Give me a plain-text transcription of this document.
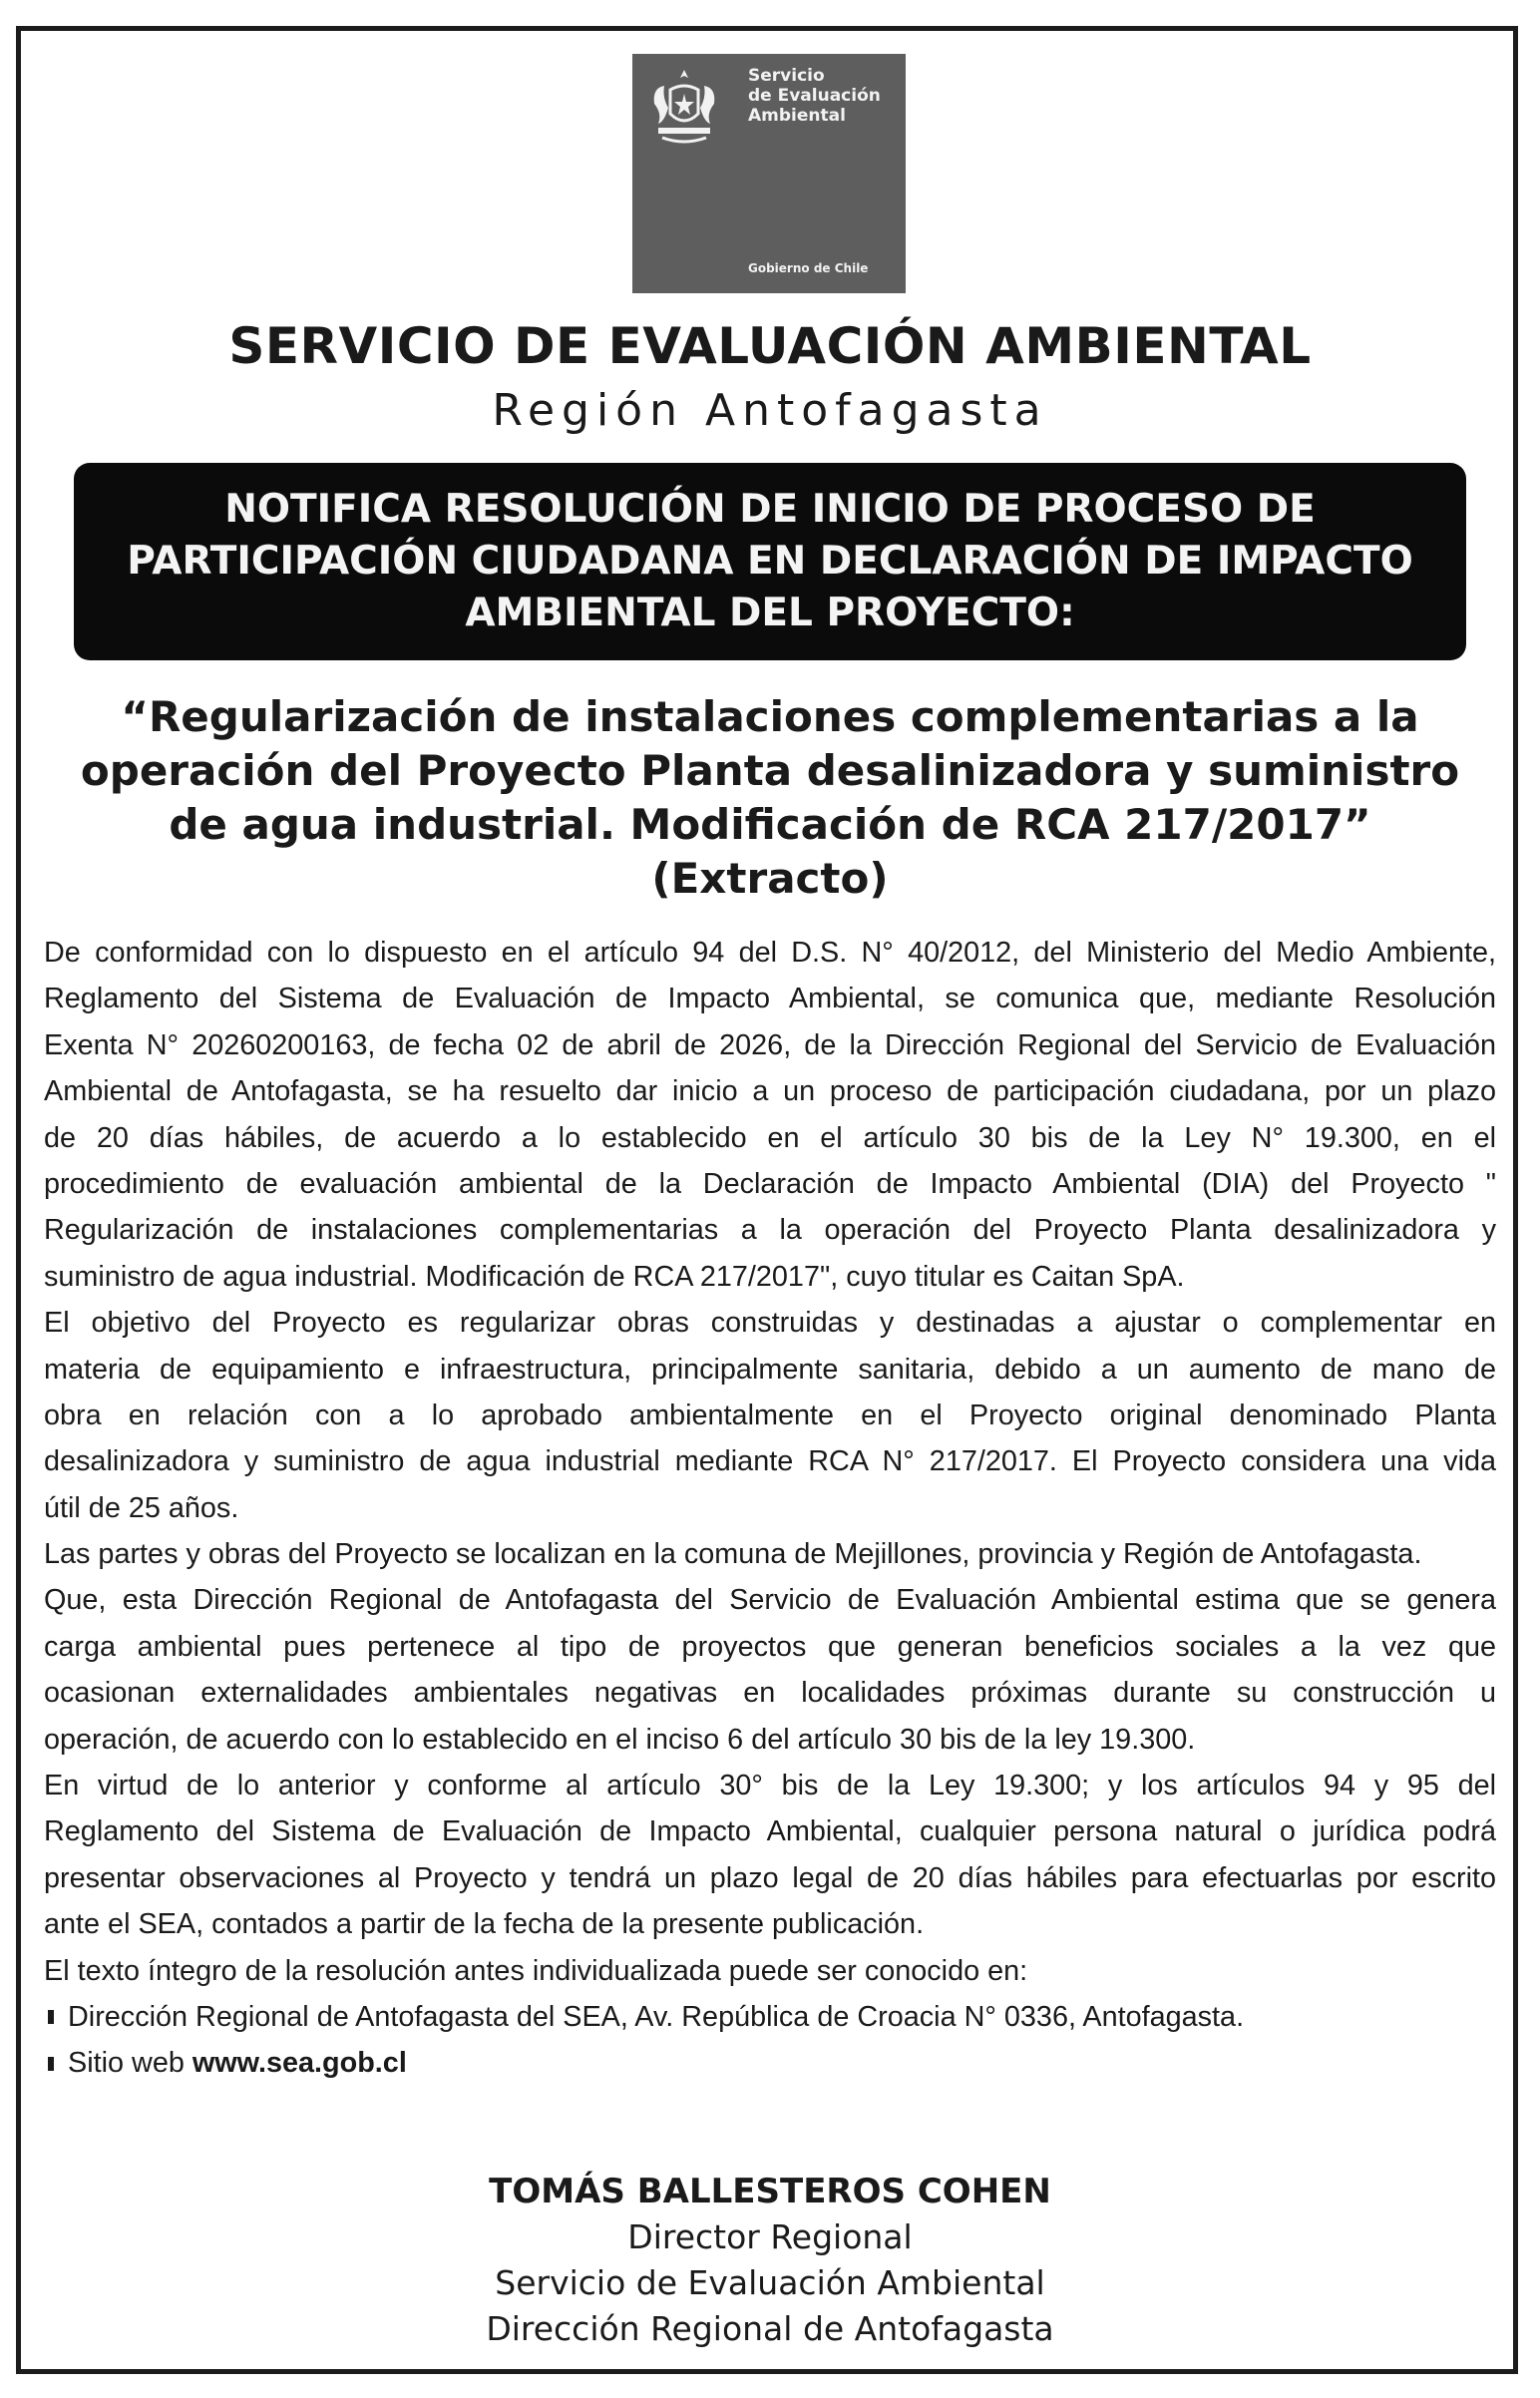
Servicio
de Evaluación
Ambiental
Gobierno de Chile
SERVICIO DE EVALUACIÓN AMBIENTAL
Región Antofagasta
NOTIFICA RESOLUCIÓN DE INICIO DE PROCESO DE
PARTICIPACIÓN CIUDADANA EN DECLARACIÓN DE IMPACTO
AMBIENTAL DEL PROYECTO:
“Regularización de instalaciones complementarias a la
operación del Proyecto Planta desalinizadora y suministro
de agua industrial. Modificación de RCA 217/2017”
(Extracto)
De conformidad con lo dispuesto en el artículo 94 del D.S. N° 40/2012, del Ministerio del Medio Ambiente,
Reglamento del Sistema de Evaluación de Impacto Ambiental, se comunica que, mediante Resolución
Exenta N° 20260200163, de fecha 02 de abril de 2026, de la Dirección Regional del Servicio de Evaluación
Ambiental de Antofagasta, se ha resuelto dar inicio a un proceso de participación ciudadana, por un plazo
de 20 días hábiles, de acuerdo a lo establecido en el artículo 30 bis de la Ley N° 19.300, en el
procedimiento de evaluación ambiental de la Declaración de Impacto Ambiental (DIA) del Proyecto "
Regularización de instalaciones complementarias a la operación del Proyecto Planta desalinizadora y
suministro de agua industrial. Modificación de RCA 217/2017", cuyo titular es Caitan SpA.
El objetivo del Proyecto es regularizar obras construidas y destinadas a ajustar o complementar en
materia de equipamiento e infraestructura, principalmente sanitaria, debido a un aumento de mano de
obra en relación con a lo aprobado ambientalmente en el Proyecto original denominado Planta
desalinizadora y suministro de agua industrial mediante RCA N° 217/2017. El Proyecto considera una vida
útil de 25 años.
Las partes y obras del Proyecto se localizan en la comuna de Mejillones, provincia y Región de Antofagasta.
Que, esta Dirección Regional de Antofagasta del Servicio de Evaluación Ambiental estima que se genera
carga ambiental pues pertenece al tipo de proyectos que generan beneficios sociales a la vez que
ocasionan externalidades ambientales negativas en localidades próximas durante su construcción u
operación, de acuerdo con lo establecido en el inciso 6 del artículo 30 bis de la ley 19.300.
En virtud de lo anterior y conforme al artículo 30° bis de la Ley 19.300; y los artículos 94 y 95 del
Reglamento del Sistema de Evaluación de Impacto Ambiental, cualquier persona natural o jurídica podrá
presentar observaciones al Proyecto y tendrá un plazo legal de 20 días hábiles para efectuarlas por escrito
ante el SEA, contados a partir de la fecha de la presente publicación.
El texto íntegro de la resolución antes individualizada puede ser conocido en:
Dirección Regional de Antofagasta del SEA, Av. República de Croacia N° 0336, Antofagasta.
Sitio web www.sea.gob.cl
TOMÁS BALLESTEROS COHEN
Director Regional
Servicio de Evaluación Ambiental
Dirección Regional de Antofagasta
